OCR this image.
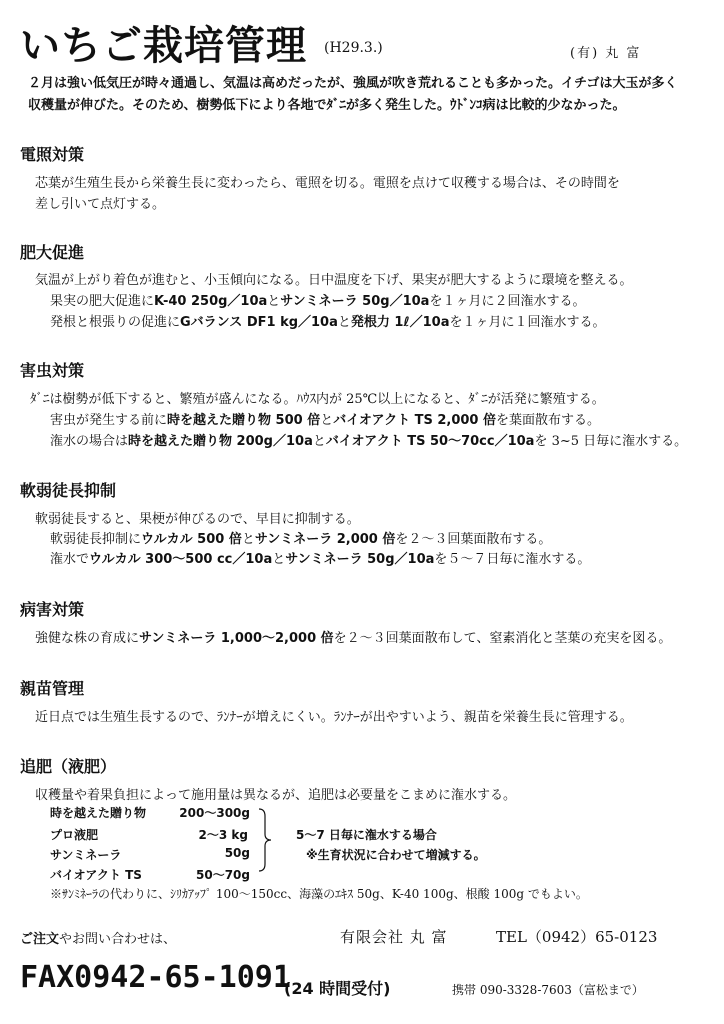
いちご栽培管理 (H29.3.)	(有) 丸 富
２月は強い低気圧が時々通過し、気温は高めだったが、強風が吹き荒れることも多かった。イチゴは大玉が多く
収穫量が伸びた。そのため、樹勢低下により各地でﾀﾞﾆが多く発生した。ｳﾄﾞﾝｺ病は比較的少なかった。
電照対策
芯葉が生殖生長から栄養生長に変わったら、電照を切る。電照を点けて収穫する場合は、その時間を
差し引いて点灯する。
肥大促進
気温が上がり着色が進むと、小玉傾向になる。日中温度を下げ、果実が肥大するように環境を整える。
果実の肥大促進にK-40 250g／10aとサンミネーラ 50g／10aを１ヶ月に２回潅水する。
発根と根張りの促進にGバランス DF1 kg／10aと発根力 1ℓ／10aを１ヶ月に１回潅水する。
害虫対策
ﾀﾞﾆは樹勢が低下すると、繁殖が盛んになる。ﾊｳｽ内が 25℃以上になると、ﾀﾞﾆが活発に繁殖する。
害虫が発生する前に時を越えた贈り物 500 倍とバイオアクト TS 2,000 倍を葉面散布する。
潅水の場合は時を越えた贈り物 200g／10aとバイオアクト TS 50～70cc／10aを 3~5 日毎に潅水する。
軟弱徒長抑制
軟弱徒長すると、果梗が伸びるので、早目に抑制する。
軟弱徒長抑制にウルカル 500 倍とサンミネーラ 2,000 倍を２～３回葉面散布する。
潅水でウルカル 300～500 cc／10aとサンミネーラ 50g／10aを５～７日毎に潅水する。
病害対策
強健な株の育成にサンミネーラ 1,000～2,000 倍を２～３回葉面散布して、窒素消化と茎葉の充実を図る。
親苗管理
近日点では生殖生長するので、ﾗﾝﾅｰが増えにくい。ﾗﾝﾅｰが出やすいよう、親苗を栄養生長に管理する。
追肥（液肥）
収穫量や着果負担によって施用量は異なるが、追肥は必要量をこまめに潅水する。
時を越えた贈り物	200～300g
プロ液肥	2～3 kg
サンミネーラ	50g
バイオアクト TS	50～70g
5～7 日毎に潅水する場合
※生育状況に合わせて増減する。
※ｻﾝﾐﾈｰﾗの代わりに、ｼﾘｶｱｯﾌﾟ 100～150cc、海藻のｴｷｽ 50g、K-40 100g、根酸 100g でもよい。
ご注文やお問い合わせは、	有限会社 丸 富	TEL（0942）65-0123
FAX0942-65-1091
(24 時間受付)	携帯 090-3328-7603（富松まで）
